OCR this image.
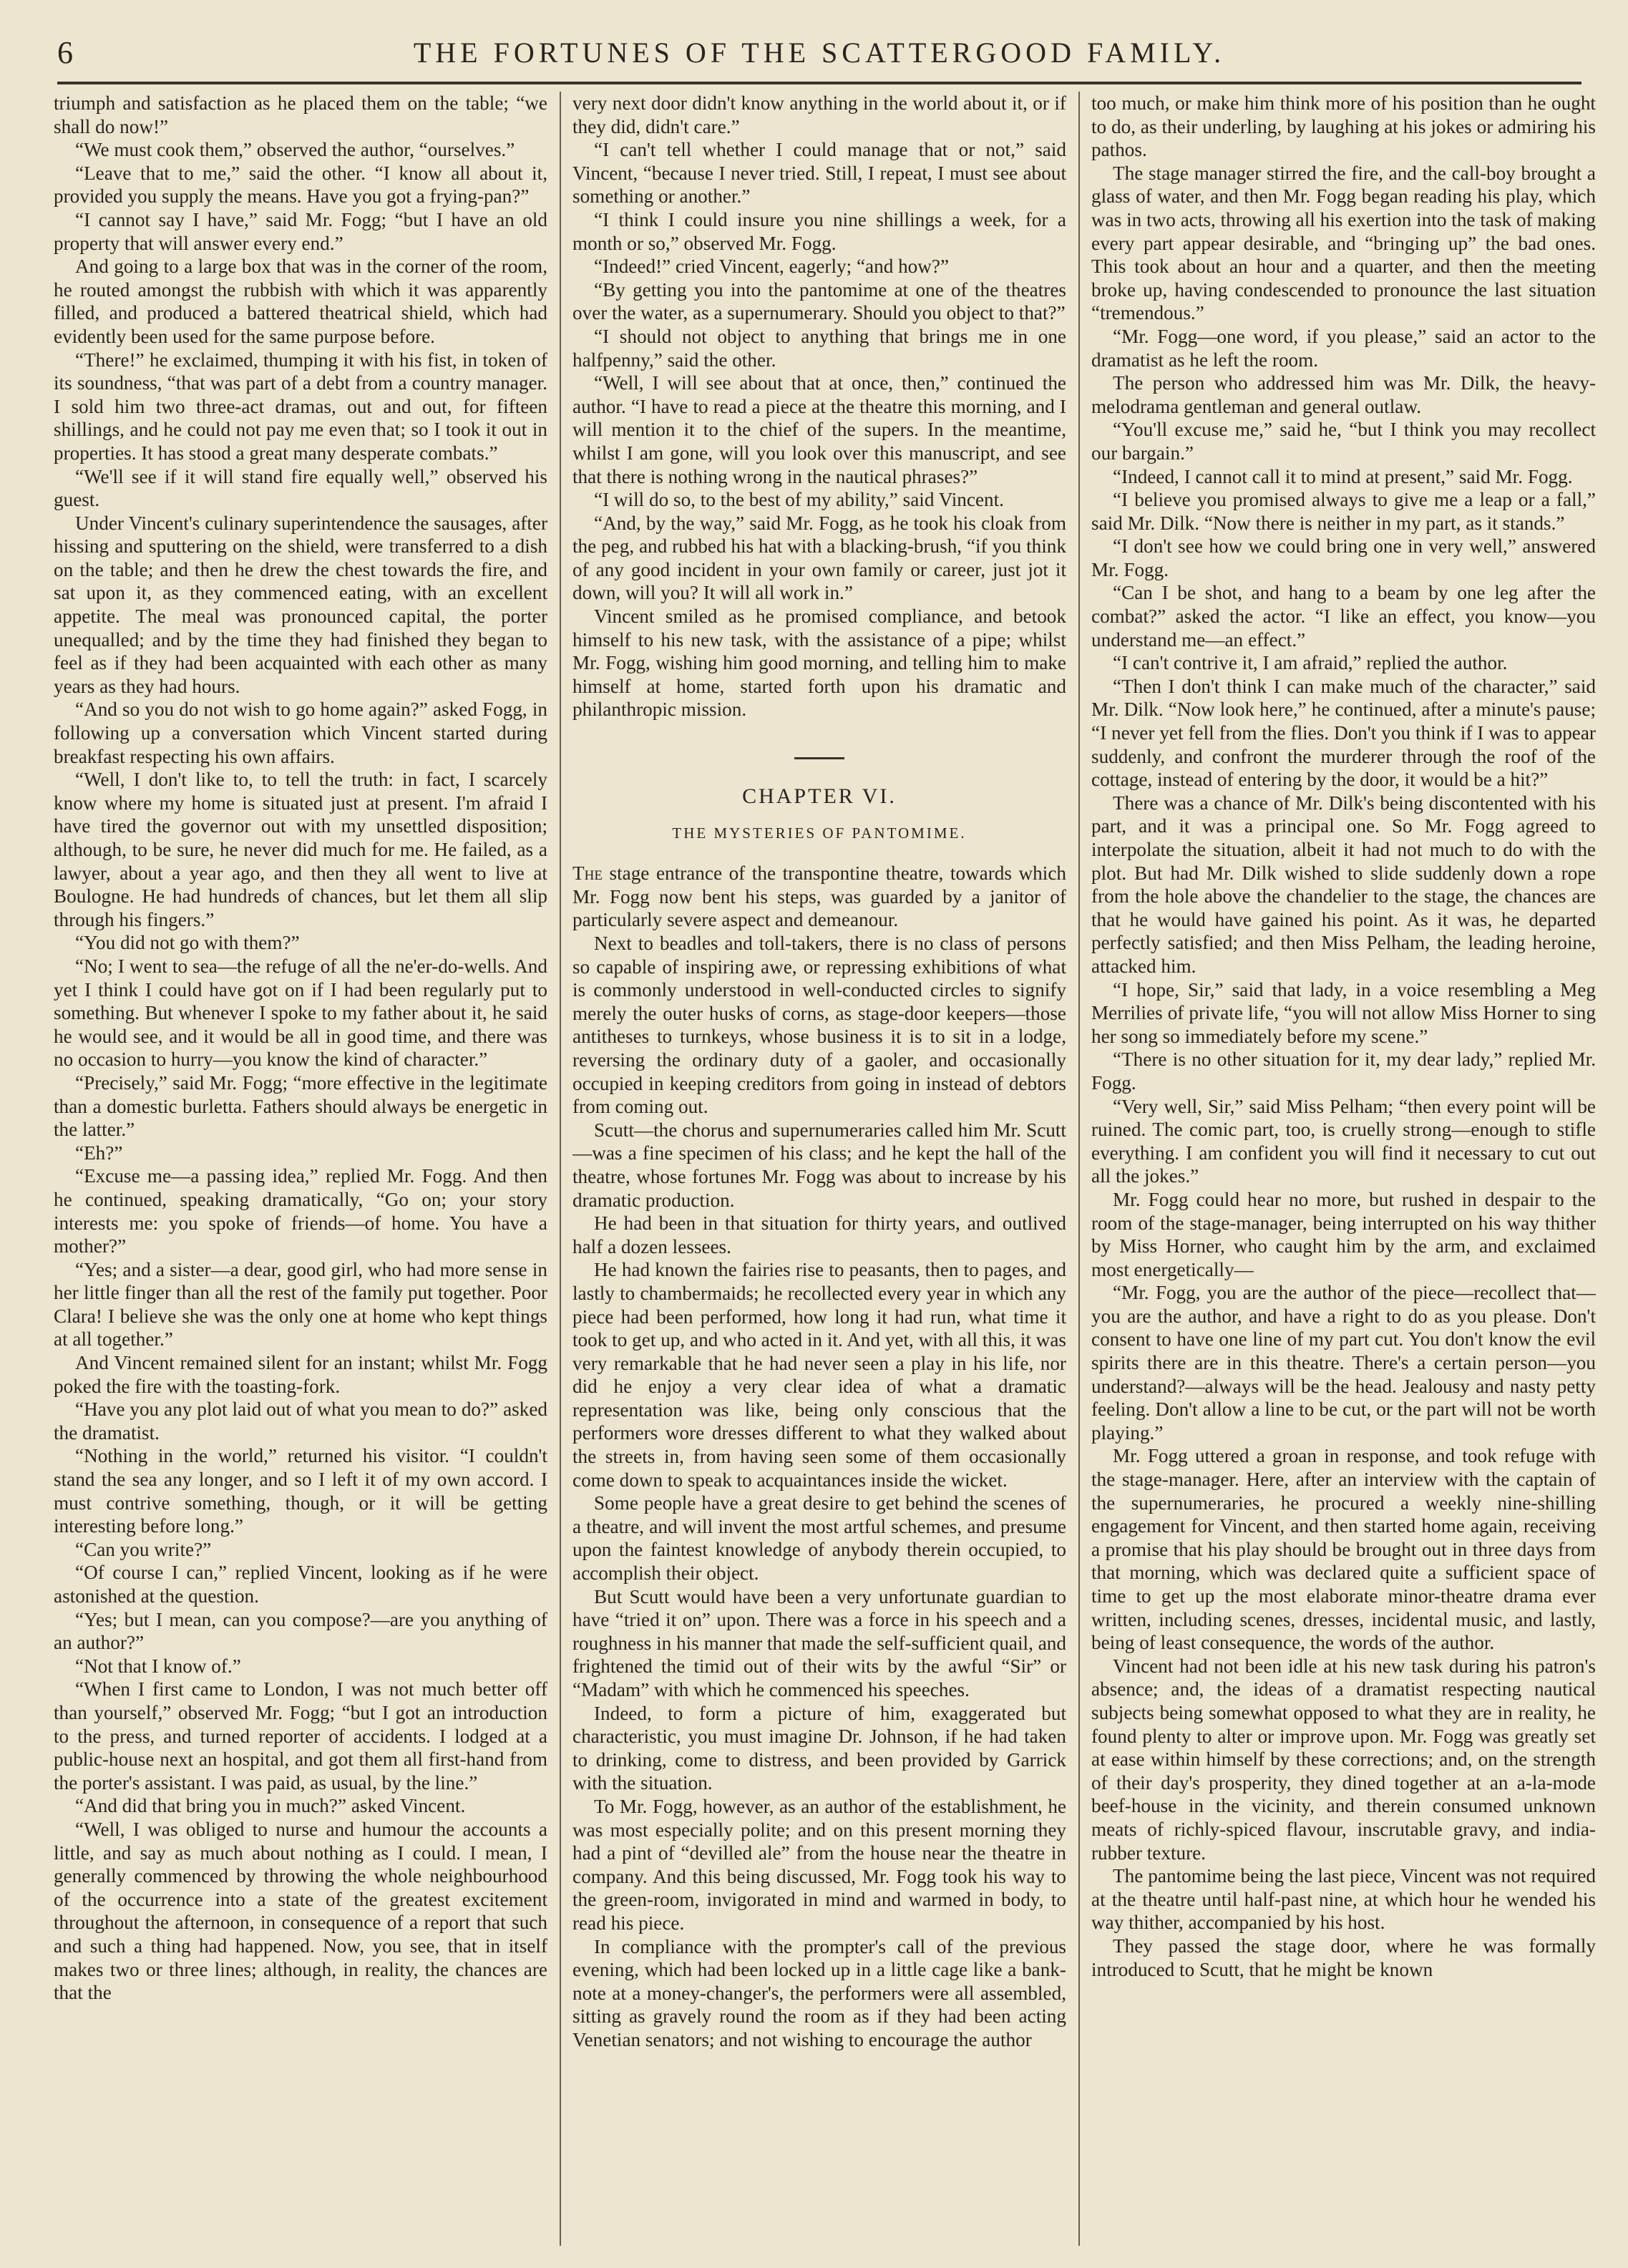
6	THE FORTUNES OF THE SCATTERGOOD FAMILY.

triumph and satisfaction as he placed them on the table; “we shall do now!”

“We must cook them,” observed the author, “ourselves.”

“Leave that to me,” said the other. “I know all about it, provided you supply the means. Have you got a frying-pan?”

“I cannot say I have,” said Mr. Fogg; “but I have an old property that will answer every end.”

And going to a large box that was in the corner of the room, he routed amongst the rubbish with which it was apparently filled, and produced a battered theatrical shield, which had evidently been used for the same purpose before.

“There!” he exclaimed, thumping it with his fist, in token of its soundness, “that was part of a debt from a country manager. I sold him two three-act dramas, out and out, for fifteen shillings, and he could not pay me even that; so I took it out in properties. It has stood a great many desperate combats.”

“We'll see if it will stand fire equally well,” observed his guest.

Under Vincent's culinary superintendence the sausages, after hissing and sputtering on the shield, were transferred to a dish on the table; and then he drew the chest towards the fire, and sat upon it, as they commenced eating, with an excellent appetite. The meal was pronounced capital, the porter unequalled; and by the time they had finished they began to feel as if they had been acquainted with each other as many years as they had hours.

“And so you do not wish to go home again?” asked Fogg, in following up a conversation which Vincent started during breakfast respecting his own affairs.

“Well, I don't like to, to tell the truth: in fact, I scarcely know where my home is situated just at present. I'm afraid I have tired the governor out with my unsettled disposition; although, to be sure, he never did much for me. He failed, as a lawyer, about a year ago, and then they all went to live at Boulogne. He had hundreds of chances, but let them all slip through his fingers.”

“You did not go with them?”

“No; I went to sea—the refuge of all the ne'er-do-wells. And yet I think I could have got on if I had been regularly put to something. But whenever I spoke to my father about it, he said he would see, and it would be all in good time, and there was no occasion to hurry—you know the kind of character.”

“Precisely,” said Mr. Fogg; “more effective in the legitimate than a domestic burletta. Fathers should always be energetic in the latter.”

“Eh?”

“Excuse me—a passing idea,” replied Mr. Fogg. And then he continued, speaking dramatically, “Go on; your story interests me: you spoke of friends—of home. You have a mother?”

“Yes; and a sister—a dear, good girl, who had more sense in her little finger than all the rest of the family put together. Poor Clara! I believe she was the only one at home who kept things at all together.”

And Vincent remained silent for an instant; whilst Mr. Fogg poked the fire with the toasting-fork.

“Have you any plot laid out of what you mean to do?” asked the dramatist.

“Nothing in the world,” returned his visitor. “I couldn't stand the sea any longer, and so I left it of my own accord. I must contrive something, though, or it will be getting interesting before long.”

“Can you write?”

“Of course I can,” replied Vincent, looking as if he were astonished at the question.

“Yes; but I mean, can you compose?—are you anything of an author?”

“Not that I know of.”

“When I first came to London, I was not much better off than yourself,” observed Mr. Fogg; “but I got an introduction to the press, and turned reporter of accidents. I lodged at a public-house next an hospital, and got them all first-hand from the porter's assistant. I was paid, as usual, by the line.”

“And did that bring you in much?” asked Vincent.

“Well, I was obliged to nurse and humour the accounts a little, and say as much about nothing as I could. I mean, I generally commenced by throwing the whole neighbourhood of the occurrence into a state of the greatest excitement throughout the afternoon, in consequence of a report that such and such a thing had happened. Now, you see, that in itself makes two or three lines; although, in reality, the chances are that the

very next door didn't know anything in the world about it, or if they did, didn't care.”

“I can't tell whether I could manage that or not,” said Vincent, “because I never tried. Still, I repeat, I must see about something or another.”

“I think I could insure you nine shillings a week, for a month or so,” observed Mr. Fogg.

“Indeed!” cried Vincent, eagerly; “and how?”

“By getting you into the pantomime at one of the theatres over the water, as a supernumerary. Should you object to that?”

“I should not object to anything that brings me in one halfpenny,” said the other.

“Well, I will see about that at once, then,” continued the author. “I have to read a piece at the theatre this morning, and I will mention it to the chief of the supers. In the meantime, whilst I am gone, will you look over this manuscript, and see that there is nothing wrong in the nautical phrases?”

“I will do so, to the best of my ability,” said Vincent.

“And, by the way,” said Mr. Fogg, as he took his cloak from the peg, and rubbed his hat with a blacking-brush, “if you think of any good incident in your own family or career, just jot it down, will you? It will all work in.”

Vincent smiled as he promised compliance, and betook himself to his new task, with the assistance of a pipe; whilst Mr. Fogg, wishing him good morning, and telling him to make himself at home, started forth upon his dramatic and philanthropic mission.

CHAPTER VI.
THE MYSTERIES OF PANTOMIME.

The stage entrance of the transpontine theatre, towards which Mr. Fogg now bent his steps, was guarded by a janitor of particularly severe aspect and demeanour.

Next to beadles and toll-takers, there is no class of persons so capable of inspiring awe, or repressing exhibitions of what is commonly understood in well-conducted circles to signify merely the outer husks of corns, as stage-door keepers—those antitheses to turnkeys, whose business it is to sit in a lodge, reversing the ordinary duty of a gaoler, and occasionally occupied in keeping creditors from going in instead of debtors from coming out.

Scutt—the chorus and supernumeraries called him Mr. Scutt—was a fine specimen of his class; and he kept the hall of the theatre, whose fortunes Mr. Fogg was about to increase by his dramatic production.

He had been in that situation for thirty years, and outlived half a dozen lessees.

He had known the fairies rise to peasants, then to pages, and lastly to chambermaids; he recollected every year in which any piece had been performed, how long it had run, what time it took to get up, and who acted in it. And yet, with all this, it was very remarkable that he had never seen a play in his life, nor did he enjoy a very clear idea of what a dramatic representation was like, being only conscious that the performers wore dresses different to what they walked about the streets in, from having seen some of them occasionally come down to speak to acquaintances inside the wicket.

Some people have a great desire to get behind the scenes of a theatre, and will invent the most artful schemes, and presume upon the faintest knowledge of anybody therein occupied, to accomplish their object.

But Scutt would have been a very unfortunate guardian to have “tried it on” upon. There was a force in his speech and a roughness in his manner that made the self-sufficient quail, and frightened the timid out of their wits by the awful “Sir” or “Madam” with which he commenced his speeches.

Indeed, to form a picture of him, exaggerated but characteristic, you must imagine Dr. Johnson, if he had taken to drinking, come to distress, and been provided by Garrick with the situation.

To Mr. Fogg, however, as an author of the establishment, he was most especially polite; and on this present morning they had a pint of “devilled ale” from the house near the theatre in company. And this being discussed, Mr. Fogg took his way to the green-room, invigorated in mind and warmed in body, to read his piece.

In compliance with the prompter's call of the previous evening, which had been locked up in a little cage like a bank-note at a money-changer's, the performers were all assembled, sitting as gravely round the room as if they had been acting Venetian senators; and not wishing to encourage the author

too much, or make him think more of his position than he ought to do, as their underling, by laughing at his jokes or admiring his pathos.

The stage manager stirred the fire, and the call-boy brought a glass of water, and then Mr. Fogg began reading his play, which was in two acts, throwing all his exertion into the task of making every part appear desirable, and “bringing up” the bad ones. This took about an hour and a quarter, and then the meeting broke up, having condescended to pronounce the last situation “tremendous.”

“Mr. Fogg—one word, if you please,” said an actor to the dramatist as he left the room.

The person who addressed him was Mr. Dilk, the heavy-melodrama gentleman and general outlaw.

“You'll excuse me,” said he, “but I think you may recollect our bargain.”

“Indeed, I cannot call it to mind at present,” said Mr. Fogg.

“I believe you promised always to give me a leap or a fall,” said Mr. Dilk. “Now there is neither in my part, as it stands.”

“I don't see how we could bring one in very well,” answered Mr. Fogg.

“Can I be shot, and hang to a beam by one leg after the combat?” asked the actor. “I like an effect, you know—you understand me—an effect.”

“I can't contrive it, I am afraid,” replied the author.

“Then I don't think I can make much of the character,” said Mr. Dilk. “Now look here,” he continued, after a minute's pause; “I never yet fell from the flies. Don't you think if I was to appear suddenly, and confront the murderer through the roof of the cottage, instead of entering by the door, it would be a hit?”

There was a chance of Mr. Dilk's being discontented with his part, and it was a principal one. So Mr. Fogg agreed to interpolate the situation, albeit it had not much to do with the plot. But had Mr. Dilk wished to slide suddenly down a rope from the hole above the chandelier to the stage, the chances are that he would have gained his point. As it was, he departed perfectly satisfied; and then Miss Pelham, the leading heroine, attacked him.

“I hope, Sir,” said that lady, in a voice resembling a Meg Merrilies of private life, “you will not allow Miss Horner to sing her song so immediately before my scene.”

“There is no other situation for it, my dear lady,” replied Mr. Fogg.

“Very well, Sir,” said Miss Pelham; “then every point will be ruined. The comic part, too, is cruelly strong—enough to stifle everything. I am confident you will find it necessary to cut out all the jokes.”

Mr. Fogg could hear no more, but rushed in despair to the room of the stage-manager, being interrupted on his way thither by Miss Horner, who caught him by the arm, and exclaimed most energetically—

“Mr. Fogg, you are the author of the piece—recollect that—you are the author, and have a right to do as you please. Don't consent to have one line of my part cut. You don't know the evil spirits there are in this theatre. There's a certain person—you understand?—always will be the head. Jealousy and nasty petty feeling. Don't allow a line to be cut, or the part will not be worth playing.”

Mr. Fogg uttered a groan in response, and took refuge with the stage-manager. Here, after an interview with the captain of the supernumeraries, he procured a weekly nine-shilling engagement for Vincent, and then started home again, receiving a promise that his play should be brought out in three days from that morning, which was declared quite a sufficient space of time to get up the most elaborate minor-theatre drama ever written, including scenes, dresses, incidental music, and lastly, being of least consequence, the words of the author.

Vincent had not been idle at his new task during his patron's absence; and, the ideas of a dramatist respecting nautical subjects being somewhat opposed to what they are in reality, he found plenty to alter or improve upon. Mr. Fogg was greatly set at ease within himself by these corrections; and, on the strength of their day's prosperity, they dined together at an a-la-mode beef-house in the vicinity, and therein consumed unknown meats of richly-spiced flavour, inscrutable gravy, and india-rubber texture.

The pantomime being the last piece, Vincent was not required at the theatre until half-past nine, at which hour he wended his way thither, accompanied by his host.

They passed the stage door, where he was formally introduced to Scutt, that he might be known
